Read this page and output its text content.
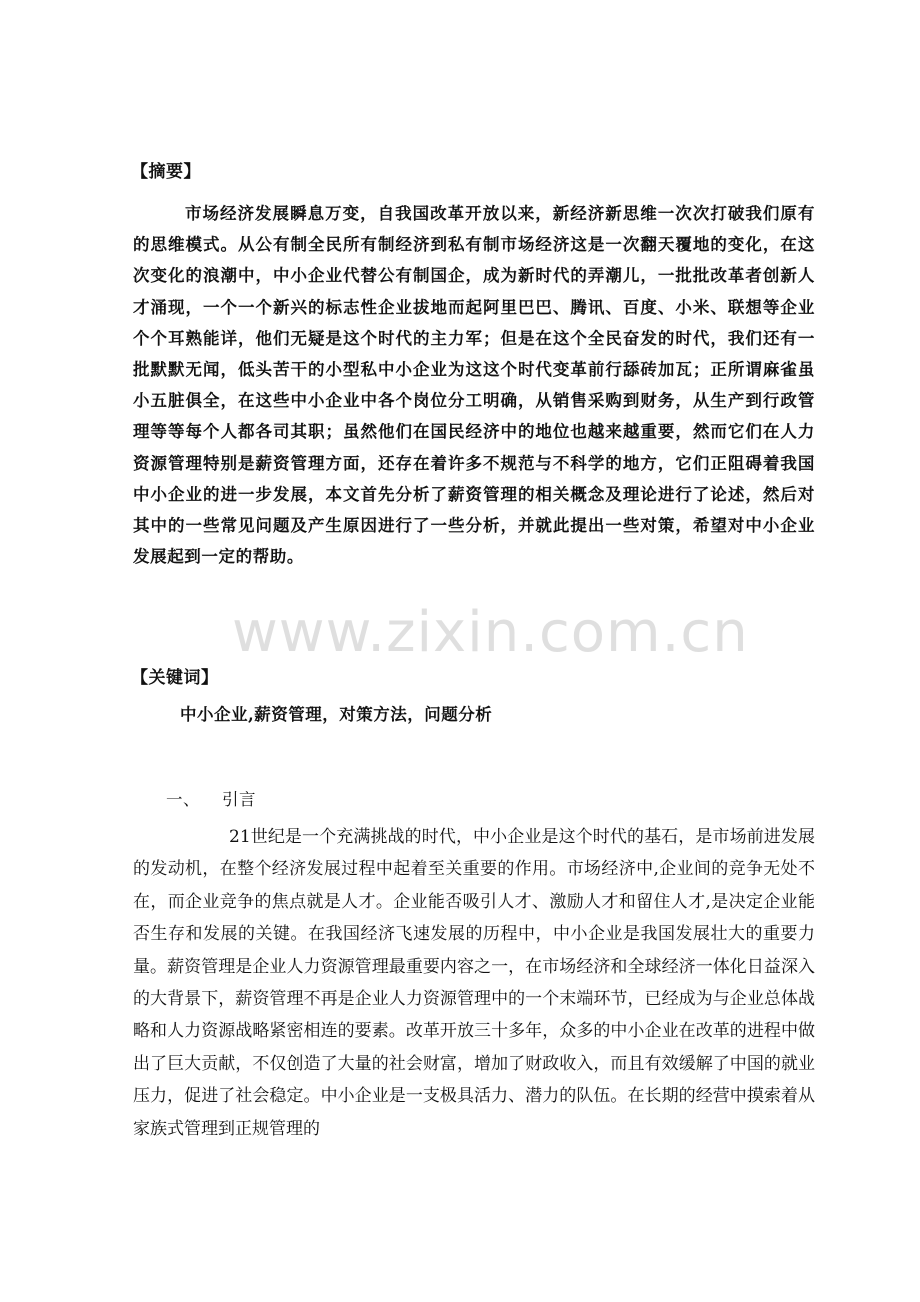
【摘要】

市场经济发展瞬息万变，自我国改革开放以来，新经济新思维一次次打破我们原有的思维模式。从公有制全民所有制经济到私有制市场经济这是一次翻天覆地的变化，在这次变化的浪潮中，中小企业代替公有制国企，成为新时代的弄潮儿，一批批改革者创新人才涌现，一个一个新兴的标志性企业拔地而起阿里巴巴、腾讯、百度、小米、联想等企业个个耳熟能详，他们无疑是这个时代的主力军；但是在这个全民奋发的时代，我们还有一批默默无闻，低头苦干的小型私中小企业为这这个时代变革前行舔砖加瓦；正所谓麻雀虽小五脏俱全，在这些中小企业中各个岗位分工明确，从销售采购到财务，从生产到行政管理等等每个人都各司其职；虽然他们在国民经济中的地位也越来越重要，然而它们在人力资源管理特别是薪资管理方面，还存在着许多不规范与不科学的地方，它们正阻碍着我国中小企业的进一步发展，本文首先分析了薪资管理的相关概念及理论进行了论述，然后对其中的一些常见问题及产生原因进行了一些分析，并就此提出一些对策，希望对中小企业发展起到一定的帮助。

【关键词】
中小企业,薪资管理，对策方法，问题分析
一、 引言

21世纪是一个充满挑战的时代，中小企业是这个时代的基石，是市场前进发展的发动机，在整个经济发展过程中起着至关重要的作用。市场经济中,企业间的竞争无处不在，而企业竞争的焦点就是人才。企业能否吸引人才、激励人才和留住人才,是决定企业能否生存和发展的关键。在我国经济飞速发展的历程中，中小企业是我国发展壮大的重要力量。薪资管理是企业人力资源管理最重要内容之一，在市场经济和全球经济一体化日益深入的大背景下，薪资管理不再是企业人力资源管理中的一个末端环节，已经成为与企业总体战略和人力资源战略紧密相连的要素。改革开放三十多年，众多的中小企业在改革的进程中做出了巨大贡献，不仅创造了大量的社会财富，增加了财政收入，而且有效缓解了中国的就业压力，促进了社会稳定。中小企业是一支极具活力、潜力的队伍。在长期的经营中摸索着从家族式管理到正规管理的

www.zixin.com.cn
